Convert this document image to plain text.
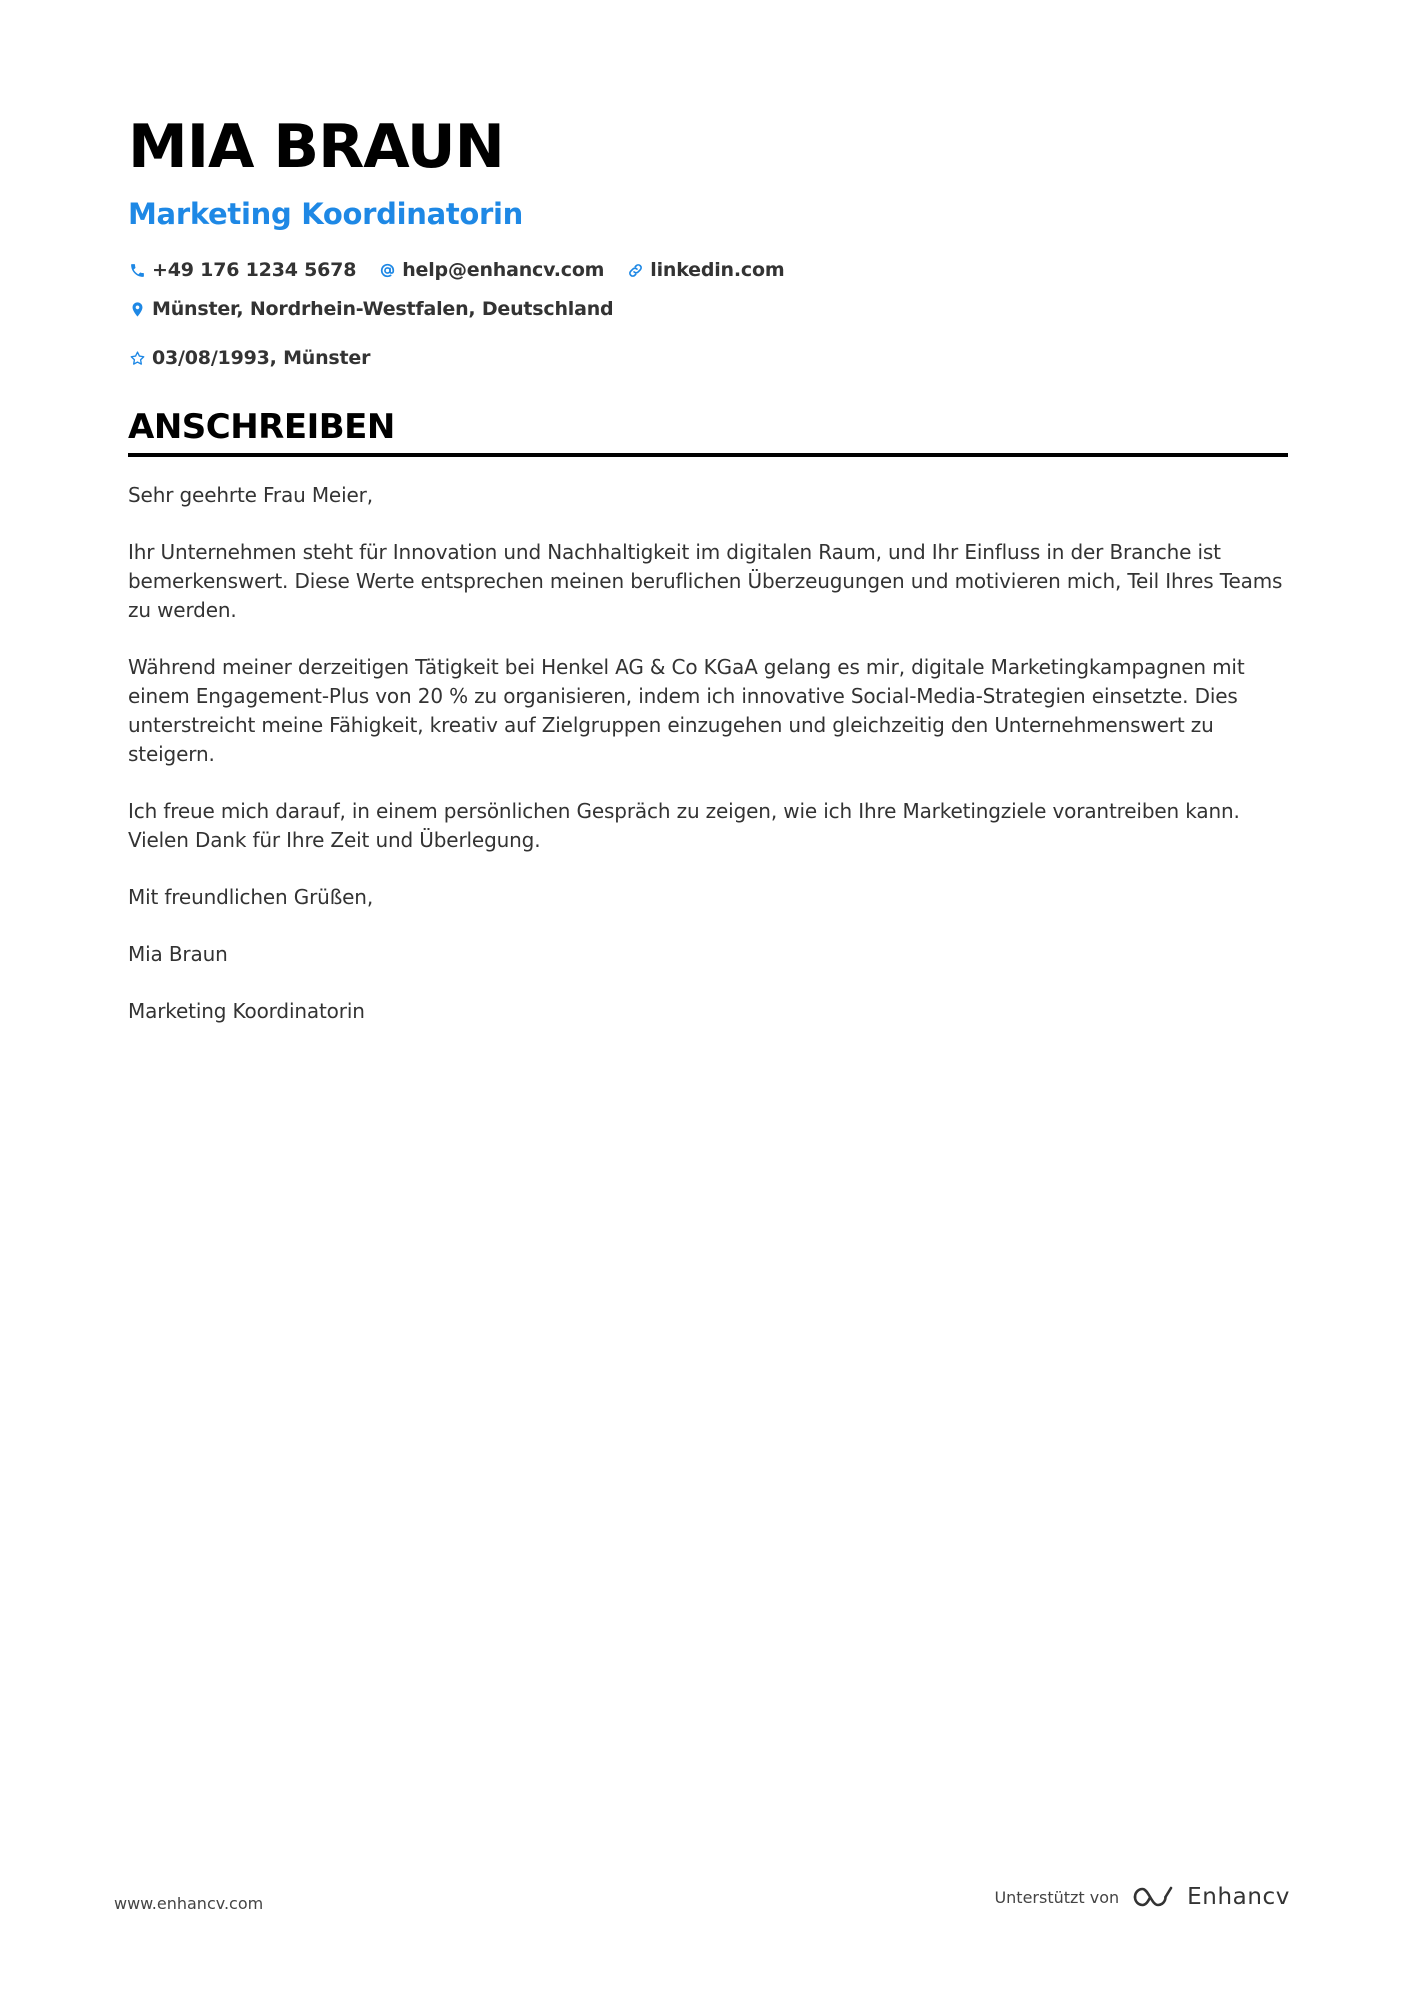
MIA BRAUN
Marketing Koordinatorin
+49 176 1234 5678 help@enhancv.com linkedin.com
Münster, Nordrhein-Westfalen, Deutschland
03/08/1993, Münster
ANSCHREIBEN

Sehr geehrte Frau Meier,

Ihr Unternehmen steht für Innovation und Nachhaltigkeit im digitalen Raum, und Ihr Einfluss in der Branche ist bemerkenswert. Diese Werte entsprechen meinen beruflichen Überzeugungen und motivieren mich, Teil Ihres Teams zu werden.

Während meiner derzeitigen Tätigkeit bei Henkel AG & Co KGaA gelang es mir, digitale Marketingkampagnen mit einem Engagement-Plus von 20 % zu organisieren, indem ich innovative Social-Media-Strategien einsetzte. Dies unterstreicht meine Fähigkeit, kreativ auf Zielgruppen einzugehen und gleichzeitig den Unternehmenswert zu steigern.

Ich freue mich darauf, in einem persönlichen Gespräch zu zeigen, wie ich Ihre Marketingziele vorantreiben kann. Vielen Dank für Ihre Zeit und Überlegung.

Mit freundlichen Grüßen,

Mia Braun

Marketing Koordinatorin

www.enhancv.com	Unterstützt von	Enhancv
